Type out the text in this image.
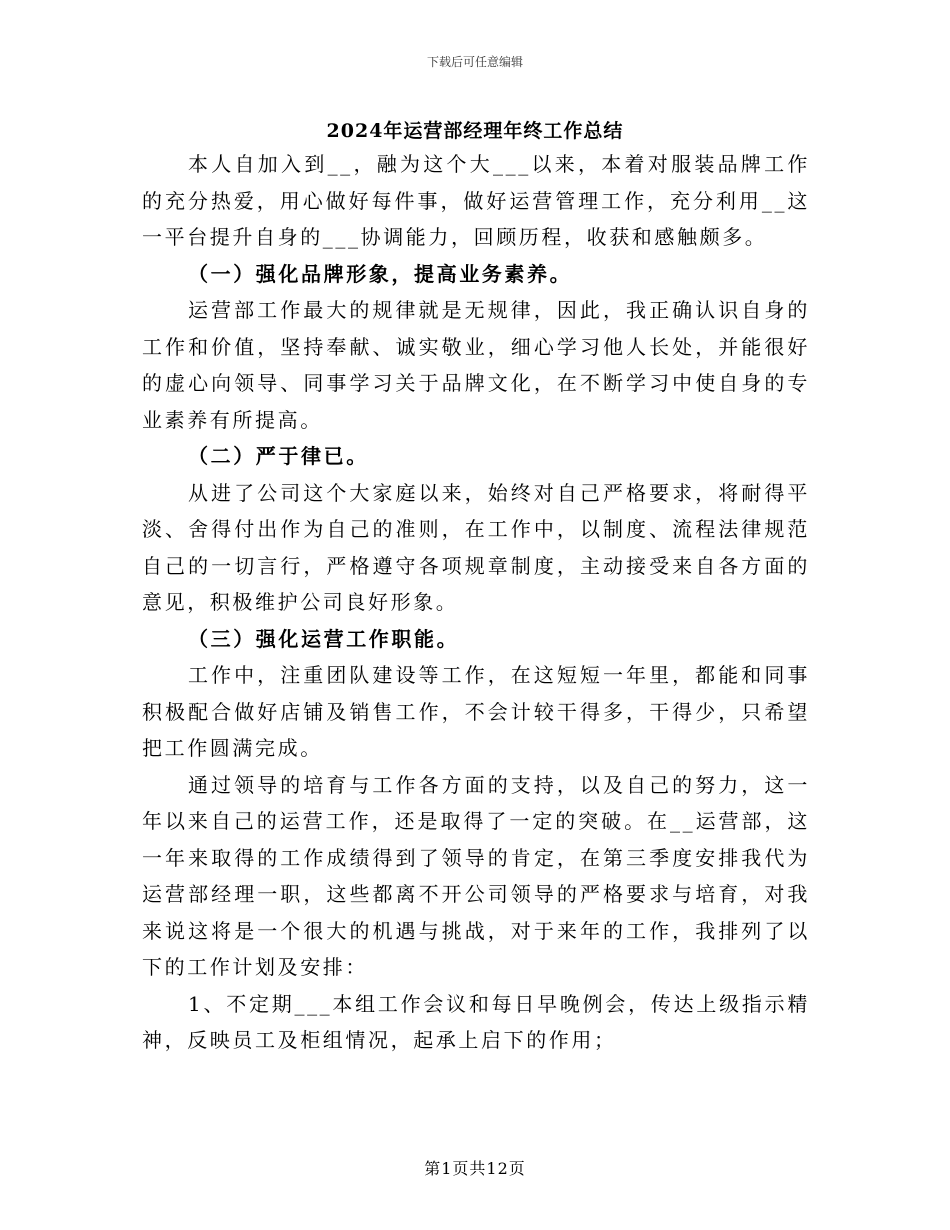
下载后可任意编辑
2024年运营部经理年终工作总结

本人自加入到__，融为这个大___以来，本着对服装品牌工作的充分热爱，用心做好每件事，做好运营管理工作，充分利用__这一平台提升自身的___协调能力，回顾历程，收获和感触颇多。

（一）强化品牌形象，提高业务素养。

运营部工作最大的规律就是无规律，因此，我正确认识自身的工作和价值，坚持奉献、诚实敬业，细心学习他人长处，并能很好的虚心向领导、同事学习关于品牌文化，在不断学习中使自身的专业素养有所提高。

（二）严于律已。

从进了公司这个大家庭以来，始终对自己严格要求，将耐得平淡、舍得付出作为自己的准则，在工作中，以制度、流程法律规范自己的一切言行，严格遵守各项规章制度，主动接受来自各方面的意见，积极维护公司良好形象。

（三）强化运营工作职能。

工作中，注重团队建设等工作，在这短短一年里，都能和同事积极配合做好店铺及销售工作，不会计较干得多，干得少，只希望把工作圆满完成。

通过领导的培育与工作各方面的支持，以及自己的努力，这一年以来自己的运营工作，还是取得了一定的突破。在__运营部，这一年来取得的工作成绩得到了领导的肯定，在第三季度安排我代为运营部经理一职，这些都离不开公司领导的严格要求与培育，对我来说这将是一个很大的机遇与挑战，对于来年的工作，我排列了以下的工作计划及安排：

1、不定期___本组工作会议和每日早晚例会，传达上级指示精神，反映员工及柜组情况，起承上启下的作用；

第1页共12页
